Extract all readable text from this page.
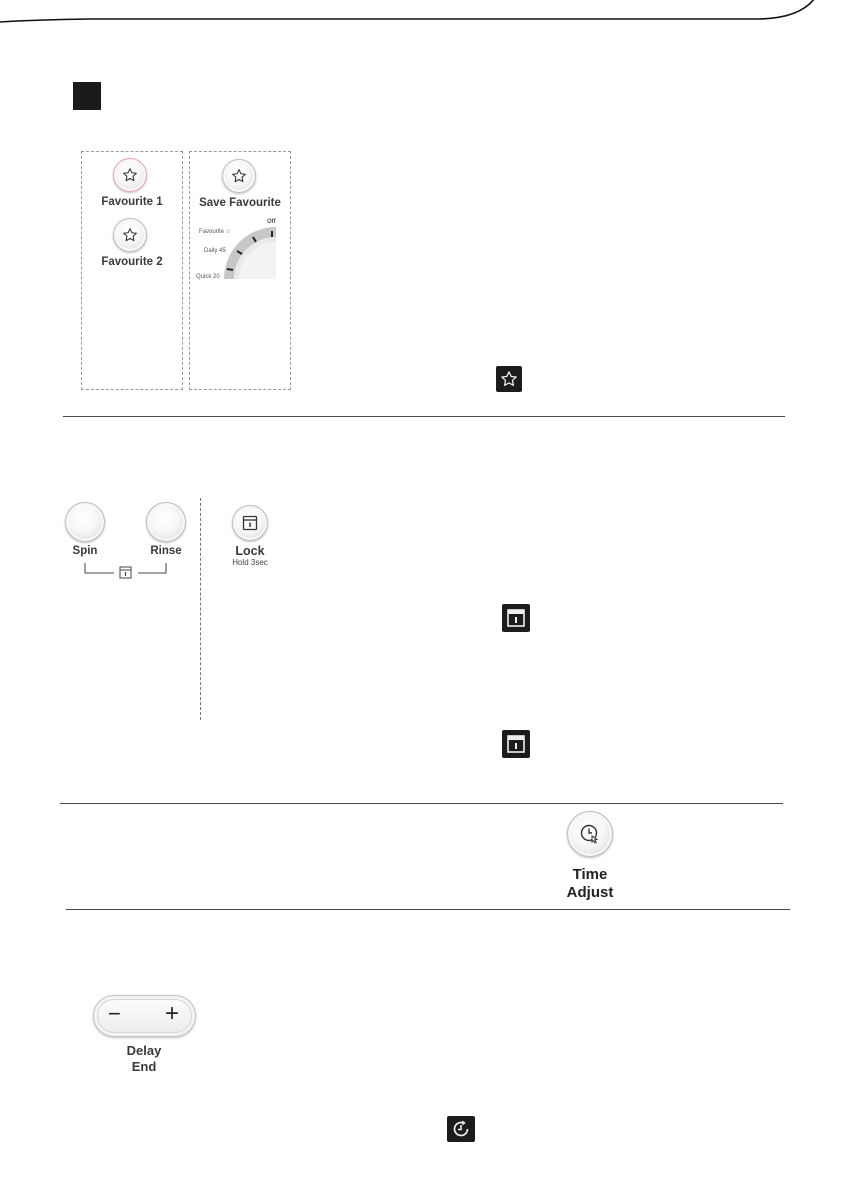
Favourite 1
Favourite 2
Save Favourite
Off
Favourite ☆
Daily 45
Quick 20
Spin	Rinse	Lock
Hold 3sec
Time
Adjust
− +
Delay
End
